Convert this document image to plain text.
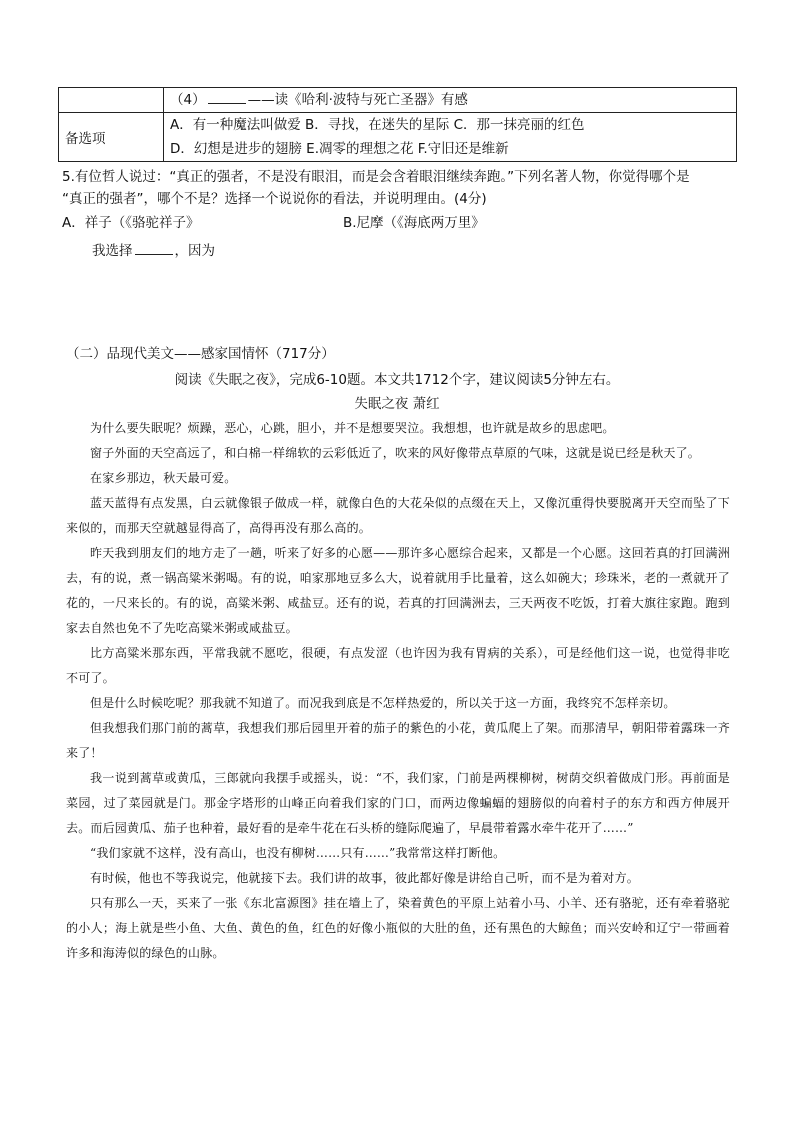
	（4） ——读《哈利·波特与死亡圣器》有感

备选项	A．有一种魔法叫做爱 B．寻找，在迷失的星际 C．那一抹亮丽的红色
D．幻想是进步的翅膀 E.凋零的理想之花 F.守旧还是维新
5.有位哲人说过：“真正的强者，不是没有眼泪，而是会含着眼泪继续奔跑。”下列名著人物，你觉得哪个是
“真正的强者”，哪个不是？选择一个说说你的看法，并说明理由。(4分)
A．祥子（《骆驼祥子》	B.尼摩（《海底两万里》
我选择	，因为
（二）品现代美文——感家国情怀（717分）
阅读《失眠之夜》，完成6-10题。本文共1712个字，建议阅读5分钟左右。
失眠之夜 萧红

为什么要失眠呢？烦躁，恶心，心跳，胆小，并不是想要哭泣。我想想，也许就是故乡的思虑吧。

窗子外面的天空高远了，和白棉一样绵软的云彩低近了，吹来的风好像带点草原的气味，这就是说已经是秋天了。

在家乡那边，秋天最可爱。

蓝天蓝得有点发黑，白云就像银子做成一样，就像白色的大花朵似的点缀在天上，又像沉重得快要脱离开天空而坠了下来似的，而那天空就越显得高了，高得再没有那么高的。

昨天我到朋友们的地方走了一趟，听来了好多的心愿——那许多心愿综合起来，又都是一个心愿。这回若真的打回满洲去，有的说，煮一锅高粱米粥喝。有的说，咱家那地豆多么大，说着就用手比量着，这么如碗大；珍珠米，老的一煮就开了花的，一尺来长的。有的说，高粱米粥、咸盐豆。还有的说，若真的打回满洲去，三天两夜不吃饭，打着大旗往家跑。跑到家去自然也免不了先吃高粱米粥或咸盐豆。

比方高粱米那东西，平常我就不愿吃，很硬，有点发涩（也许因为我有胃病的关系），可是经他们这一说，也觉得非吃不可了。

但是什么时候吃呢？那我就不知道了。而况我到底是不怎样热爱的，所以关于这一方面，我终究不怎样亲切。

但我想我们那门前的蒿草，我想我们那后园里开着的茄子的紫色的小花，黄瓜爬上了架。而那清早，朝阳带着露珠一齐来了！

我一说到蒿草或黄瓜，三郎就向我摆手或摇头，说：“不，我们家，门前是两棵柳树，树荫交织着做成门形。再前面是菜园，过了菜园就是门。那金字塔形的山峰正向着我们家的门口，而两边像蝙蝠的翅膀似的向着村子的东方和西方伸展开去。而后园黄瓜、茄子也种着，最好看的是牵牛花在石头桥的缝际爬遍了，早晨带着露水牵牛花开了……”

“我们家就不这样，没有高山，也没有柳树……只有……”我常常这样打断他。

有时候，他也不等我说完，他就接下去。我们讲的故事，彼此都好像是讲给自己听，而不是为着对方。

只有那么一天，买来了一张《东北富源图》挂在墙上了，染着黄色的平原上站着小马、小羊、还有骆驼，还有牵着骆驼的小人；海上就是些小鱼、大鱼、黄色的鱼，红色的好像小瓶似的大肚的鱼，还有黑色的大鲸鱼；而兴安岭和辽宁一带画着许多和海涛似的绿色的山脉。
